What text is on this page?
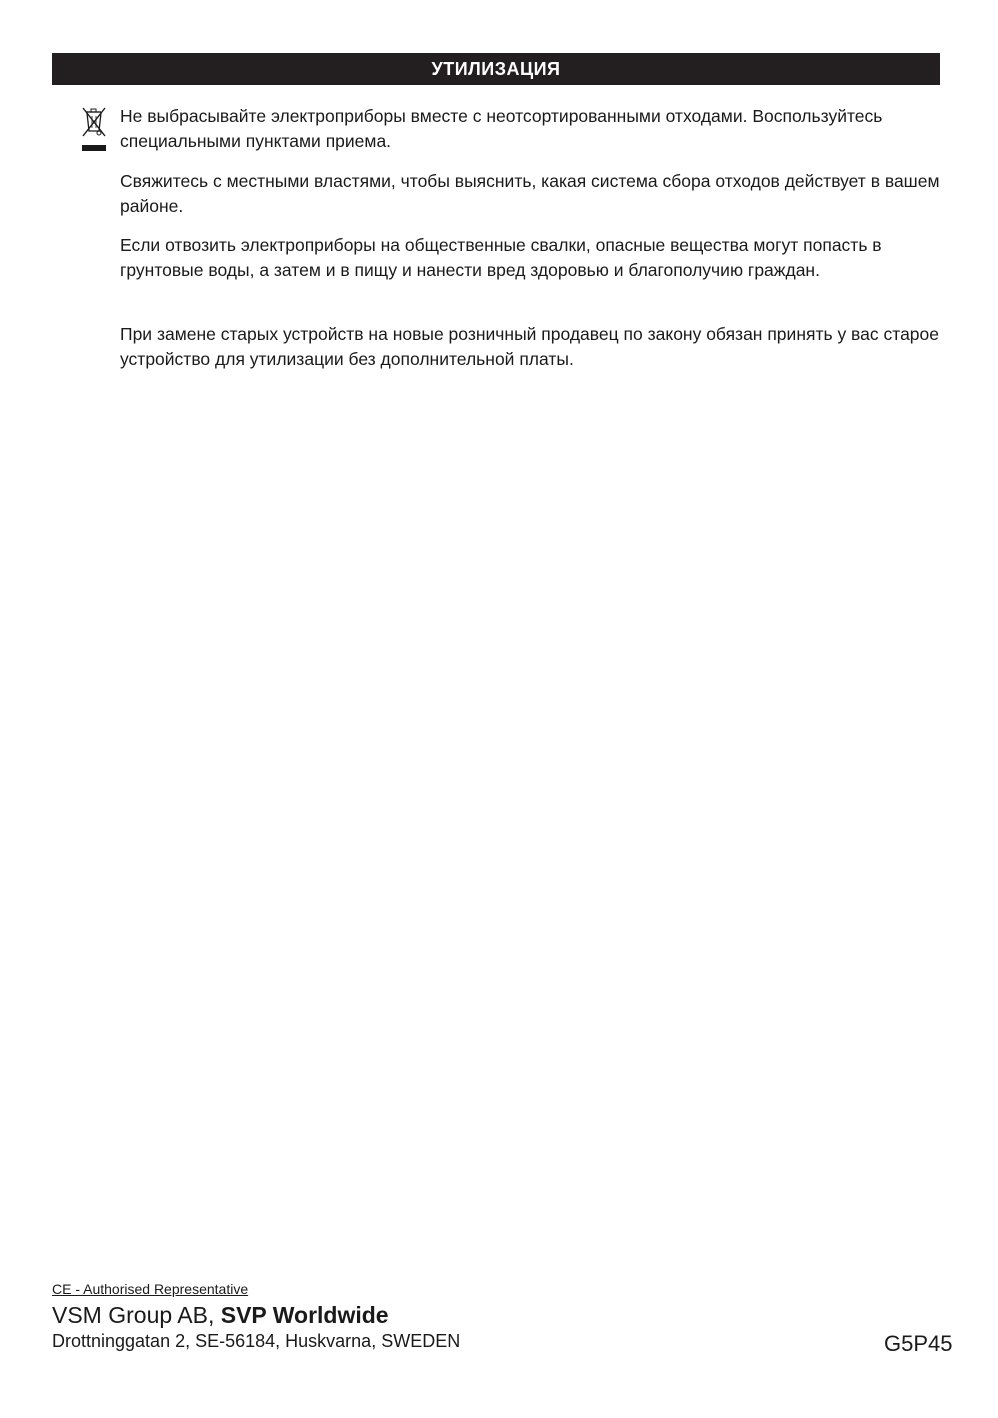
УТИЛИЗАЦИЯ

Не выбрасывайте электроприборы вместе с неотсортированными отходами. Воспользуйтесь специальными пунктами приема.

Свяжитесь с местными властями, чтобы выяснить, какая система сбора отходов действует в вашем районе.

Если отвозить электроприборы на общественные свалки, опасные вещества могут попасть в грунтовые воды, а затем и в пищу и нанести вред здоровью и благополучию граждан.

При замене старых устройств на новые розничный продавец по закону обязан принять у вас старое устройство для утилизации без дополнительной платы.

CE - Authorised Representative
VSM Group AB, SVP Worldwide
Drottninggatan 2, SE-56184, Huskvarna, SWEDEN	G5P45
